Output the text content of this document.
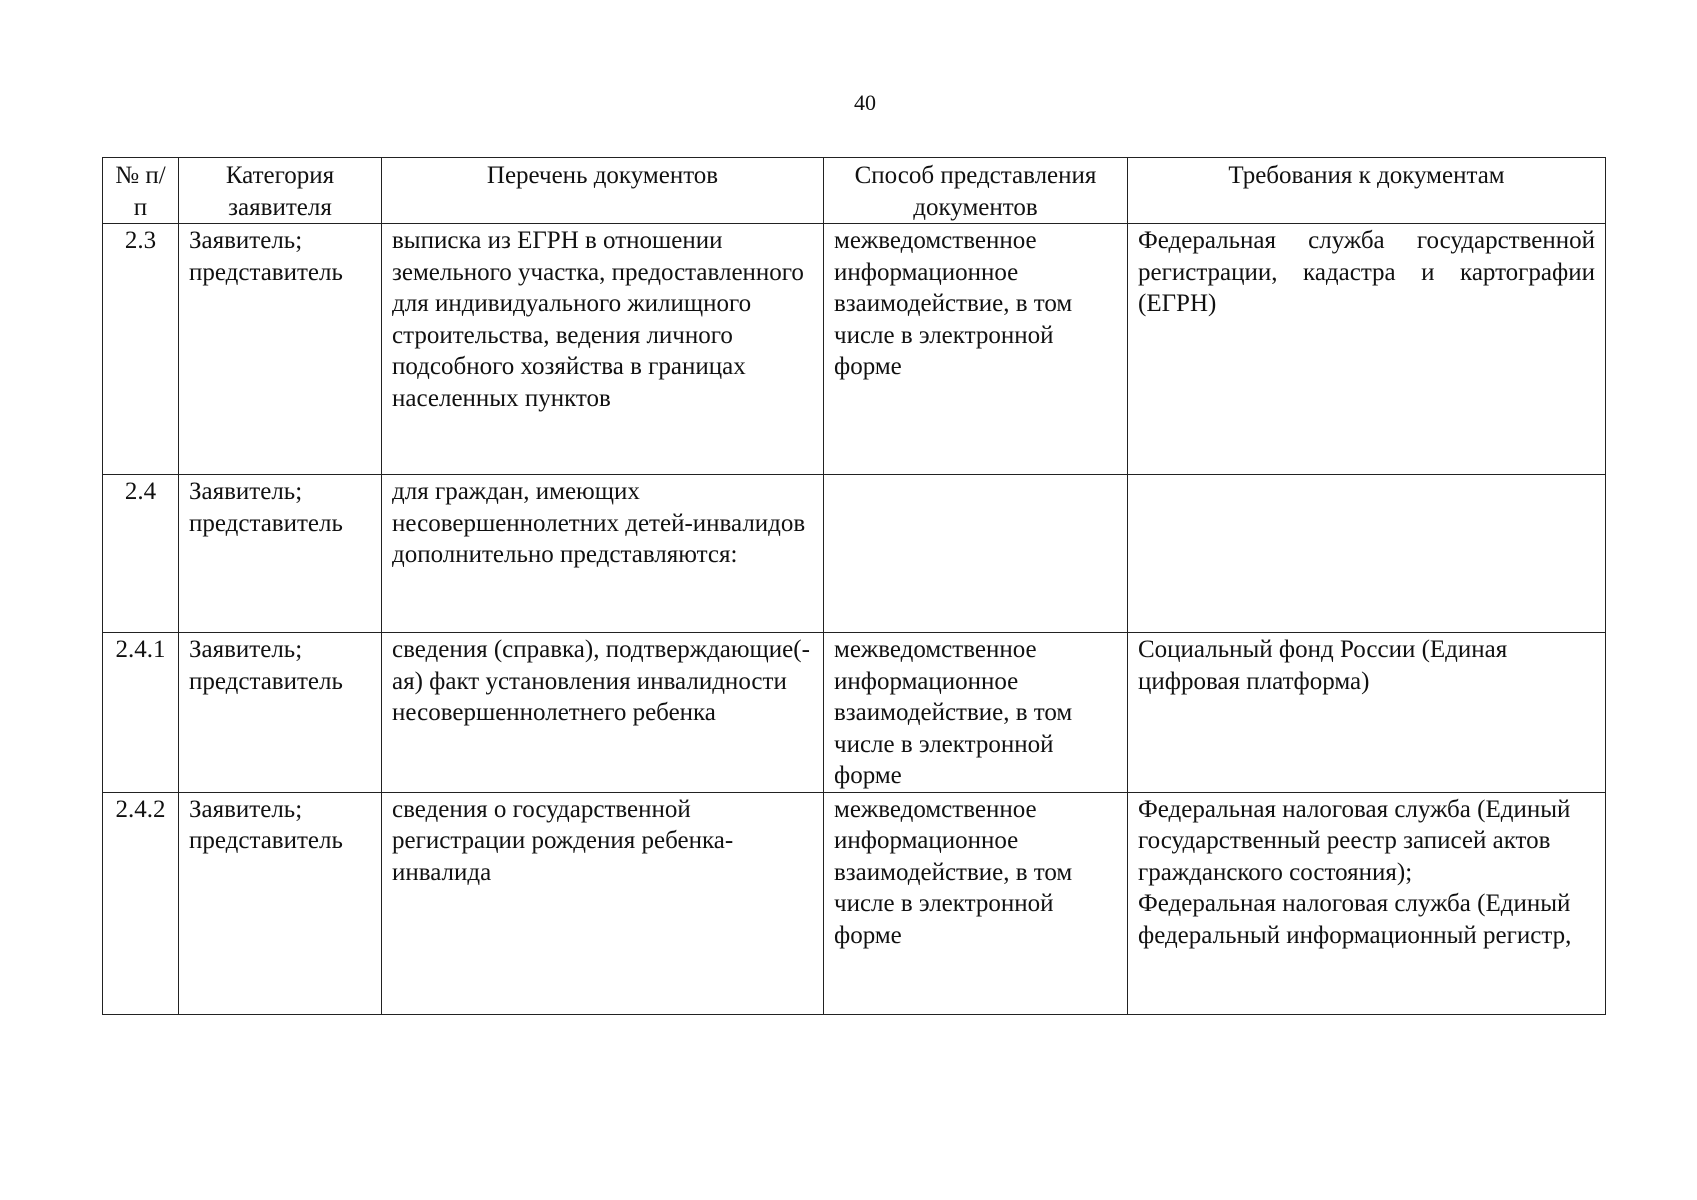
40
№ п/п	Категория заявителя	Перечень документов	Способ представления документов	Требования к документам
2.3	Заявитель; представитель	выписка из ЕГРН в отношении земельного участка, предоставленного для индивидуального жилищного строительства, ведения личного подсобного хозяйства в границах населенных пунктов	межведомственное информационное взаимодействие, в том числе в электронной форме	Федеральная служба государственной регистрации, кадастра и картографии (ЕГРН)
2.4	Заявитель; представитель	для граждан, имеющих несовершеннолетних детей-инвалидов дополнительно представляются:		
2.4.1	Заявитель; представитель	сведения (справка), подтверждающие(-ая) факт установления инвалидности несовершеннолетнего ребенка	межведомственное информационное взаимодействие, в том числе в электронной форме	Социальный фонд России (Единая цифровая платформа)
2.4.2	Заявитель; представитель	сведения о государственной регистрации рождения ребенка-инвалида	межведомственное информационное взаимодействие, в том числе в электронной форме	Федеральная налоговая служба (Единый государственный реестр записей актов гражданского состояния);
Федеральная налоговая служба (Единый федеральный информационный регистр,
